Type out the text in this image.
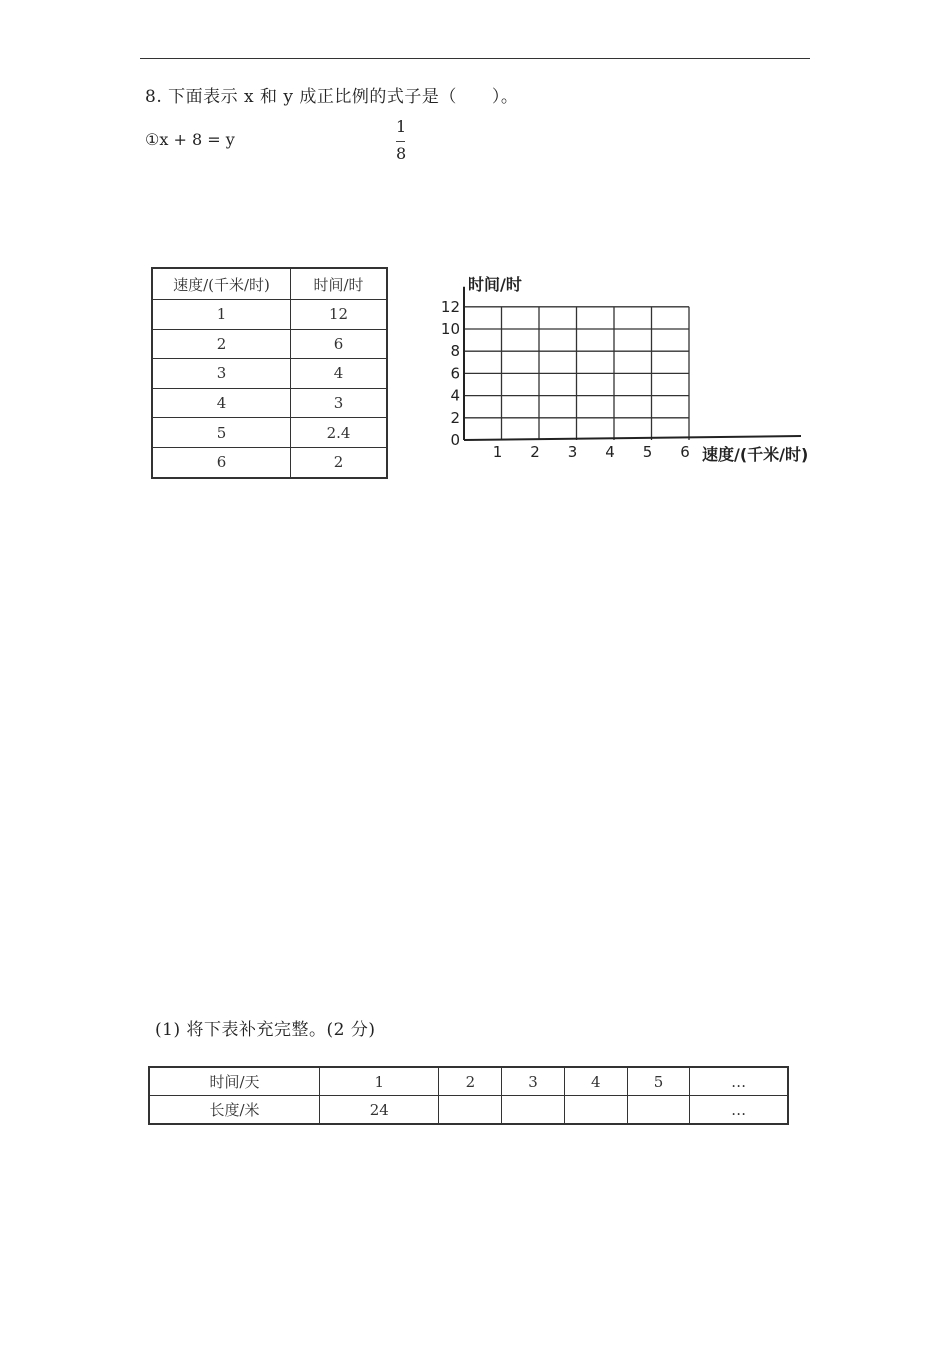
8. 下面表示 x 和 y 成正比例的式子是（　　）。
①x + 8 = y
1
8
速度/(千米/时)	时间/时
1	12
2	6
3	4
4	3
5	2.4
6	2
1 2 3 4 5 6
0
2
4
6
8
10
12
时间/时
速度/(千米/时)
(1) 将下表补充完整。(2 分)
时间/天	1	2	3	4	5	…
长度/米	24					…
